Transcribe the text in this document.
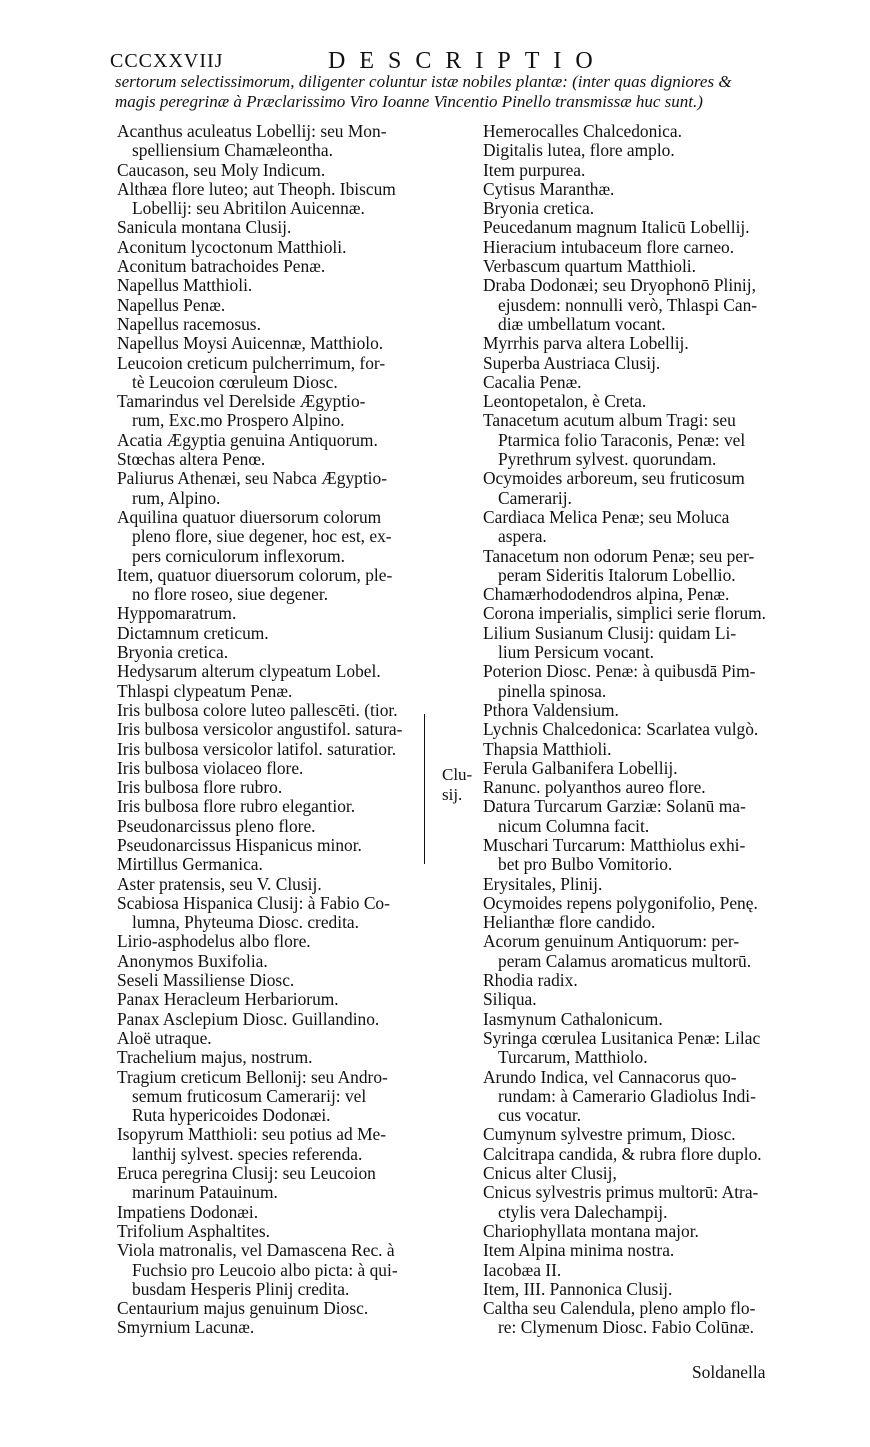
CCCXXVIIJ	DESCRIPTIO
sertorum selectissimorum, diligenter coluntur istæ nobiles plantæ: (inter quas digniores &
magis peregrinæ à Præclarissimo Viro Ioanne Vincentio Pinello transmissæ huc sunt.)
Acanthus aculeatus Lobellij: seu Mon-
spelliensium Chamæleontha.
Caucason, seu Moly Indicum.
Althæa flore luteo; aut Theoph. Ibiscum
Lobellij: seu Abritilon Auicennæ.
Sanicula montana Clusij.
Aconitum lycoctonum Matthioli.
Aconitum batrachoides Penæ.
Napellus Matthioli.
Napellus Penæ.
Napellus racemosus.
Napellus Moysi Auicennæ, Matthiolo.
Leucoion creticum pulcherrimum, for-
tè Leucoion cœruleum Diosc.
Tamarindus vel Derelside Ægyptio-
rum, Exc.mo Prospero Alpino.
Acatia Ægyptia genuina Antiquorum.
Stœchas altera Penœ.
Paliurus Athenæi, seu Nabca Ægyptio-
rum, Alpino.
Aquilina quatuor diuersorum colorum
pleno flore, siue degener, hoc est, ex-
pers corniculorum inflexorum.
Item, quatuor diuersorum colorum, ple-
no flore roseo, siue degener.
Hyppomaratrum.
Dictamnum creticum.
Bryonia cretica.
Hedysarum alterum clypeatum Lobel.
Thlaspi clypeatum Penæ.
Iris bulbosa colore luteo pallescēti. (tior.
Iris bulbosa versicolor angustifol. satura-
Iris bulbosa versicolor latifol. saturatior.
Iris bulbosa violaceo flore.
Iris bulbosa flore rubro.
Iris bulbosa flore rubro elegantior.
Pseudonarcissus pleno flore.
Pseudonarcissus Hispanicus minor.
Mirtillus Germanica.
Aster pratensis, seu V. Clusij.
Scabiosa Hispanica Clusij: à Fabio Co-
lumna, Phyteuma Diosc. credita.
Lirio-asphodelus albo flore.
Anonymos Buxifolia.
Seseli Massiliense Diosc.
Panax Heracleum Herbariorum.
Panax Asclepium Diosc. Guillandino.
Aloë utraque.
Trachelium majus, nostrum.
Tragium creticum Bellonij: seu Andro-
semum fruticosum Camerarij: vel
Ruta hypericoides Dodonæi.
Isopyrum Matthioli: seu potius ad Me-
lanthij sylvest. species referenda.
Eruca peregrina Clusij: seu Leucoion
marinum Patauinum.
Impatiens Dodonæi.
Trifolium Asphaltites.
Viola matronalis, vel Damascena Rec. à
Fuchsio pro Leucoio albo picta: à qui-
busdam Hesperis Plinij credita.
Centaurium majus genuinum Diosc.
Smyrnium Lacunæ.
Hemerocalles Chalcedonica.
Digitalis lutea, flore amplo.
Item purpurea.
Cytisus Maranthæ.
Bryonia cretica.
Peucedanum magnum Italicū Lobellij.
Hieracium intubaceum flore carneo.
Verbascum quartum Matthioli.
Draba Dodonæi; seu Dryophonō Plinij,
ejusdem: nonnulli verò, Thlaspi Can-
diæ umbellatum vocant.
Myrrhis parva altera Lobellij.
Superba Austriaca Clusij.
Cacalia Penæ.
Leontopetalon, è Creta.
Tanacetum acutum album Tragi: seu
Ptarmica folio Taraconis, Penæ: vel
Pyrethrum sylvest. quorundam.
Ocymoides arboreum, seu fruticosum
Camerarij.
Cardiaca Melica Penæ; seu Moluca
aspera.
Tanacetum non odorum Penæ; seu per-
peram Sideritis Italorum Lobellio.
Chamærhododendros alpina, Penæ.
Corona imperialis, simplici serie florum.
Lilium Susianum Clusij: quidam Li-
lium Persicum vocant.
Poterion Diosc. Penæ: à quibusdā Pim-
pinella spinosa.
Pthora Valdensium.
Lychnis Chalcedonica: Scarlatea vulgò.
Thapsia Matthioli.
Ferula Galbanifera Lobellij.
Ranunc. polyanthos aureo flore.
Datura Turcarum Garziæ: Solanū ma-
nicum Columna facit.
Muschari Turcarum: Matthiolus exhi-
bet pro Bulbo Vomitorio.
Erysitales, Plinij.
Ocymoides repens polygonifolio, Penę.
Helianthæ flore candido.
Acorum genuinum Antiquorum: per-
peram Calamus aromaticus multorū.
Rhodia radix.
Siliqua.
Iasmynum Cathalonicum.
Syringa cœrulea Lusitanica Penæ: Lilac
Turcarum, Matthiolo.
Arundo Indica, vel Cannacorus quo-
rundam: à Camerario Gladiolus Indi-
cus vocatur.
Cumynum sylvestre primum, Diosc.
Calcitrapa candida, & rubra flore duplo.
Cnicus alter Clusij,
Cnicus sylvestris primus multorū: Atra-
ctylis vera Dalechampij.
Chariophyllata montana major.
Item Alpina minima nostra.
Iacobæa II.
Item, III. Pannonica Clusij.
Caltha seu Calendula, pleno amplo flo-
re: Clymenum Diosc. Fabio Colūnæ.
Clu-
sij.
Soldanella
